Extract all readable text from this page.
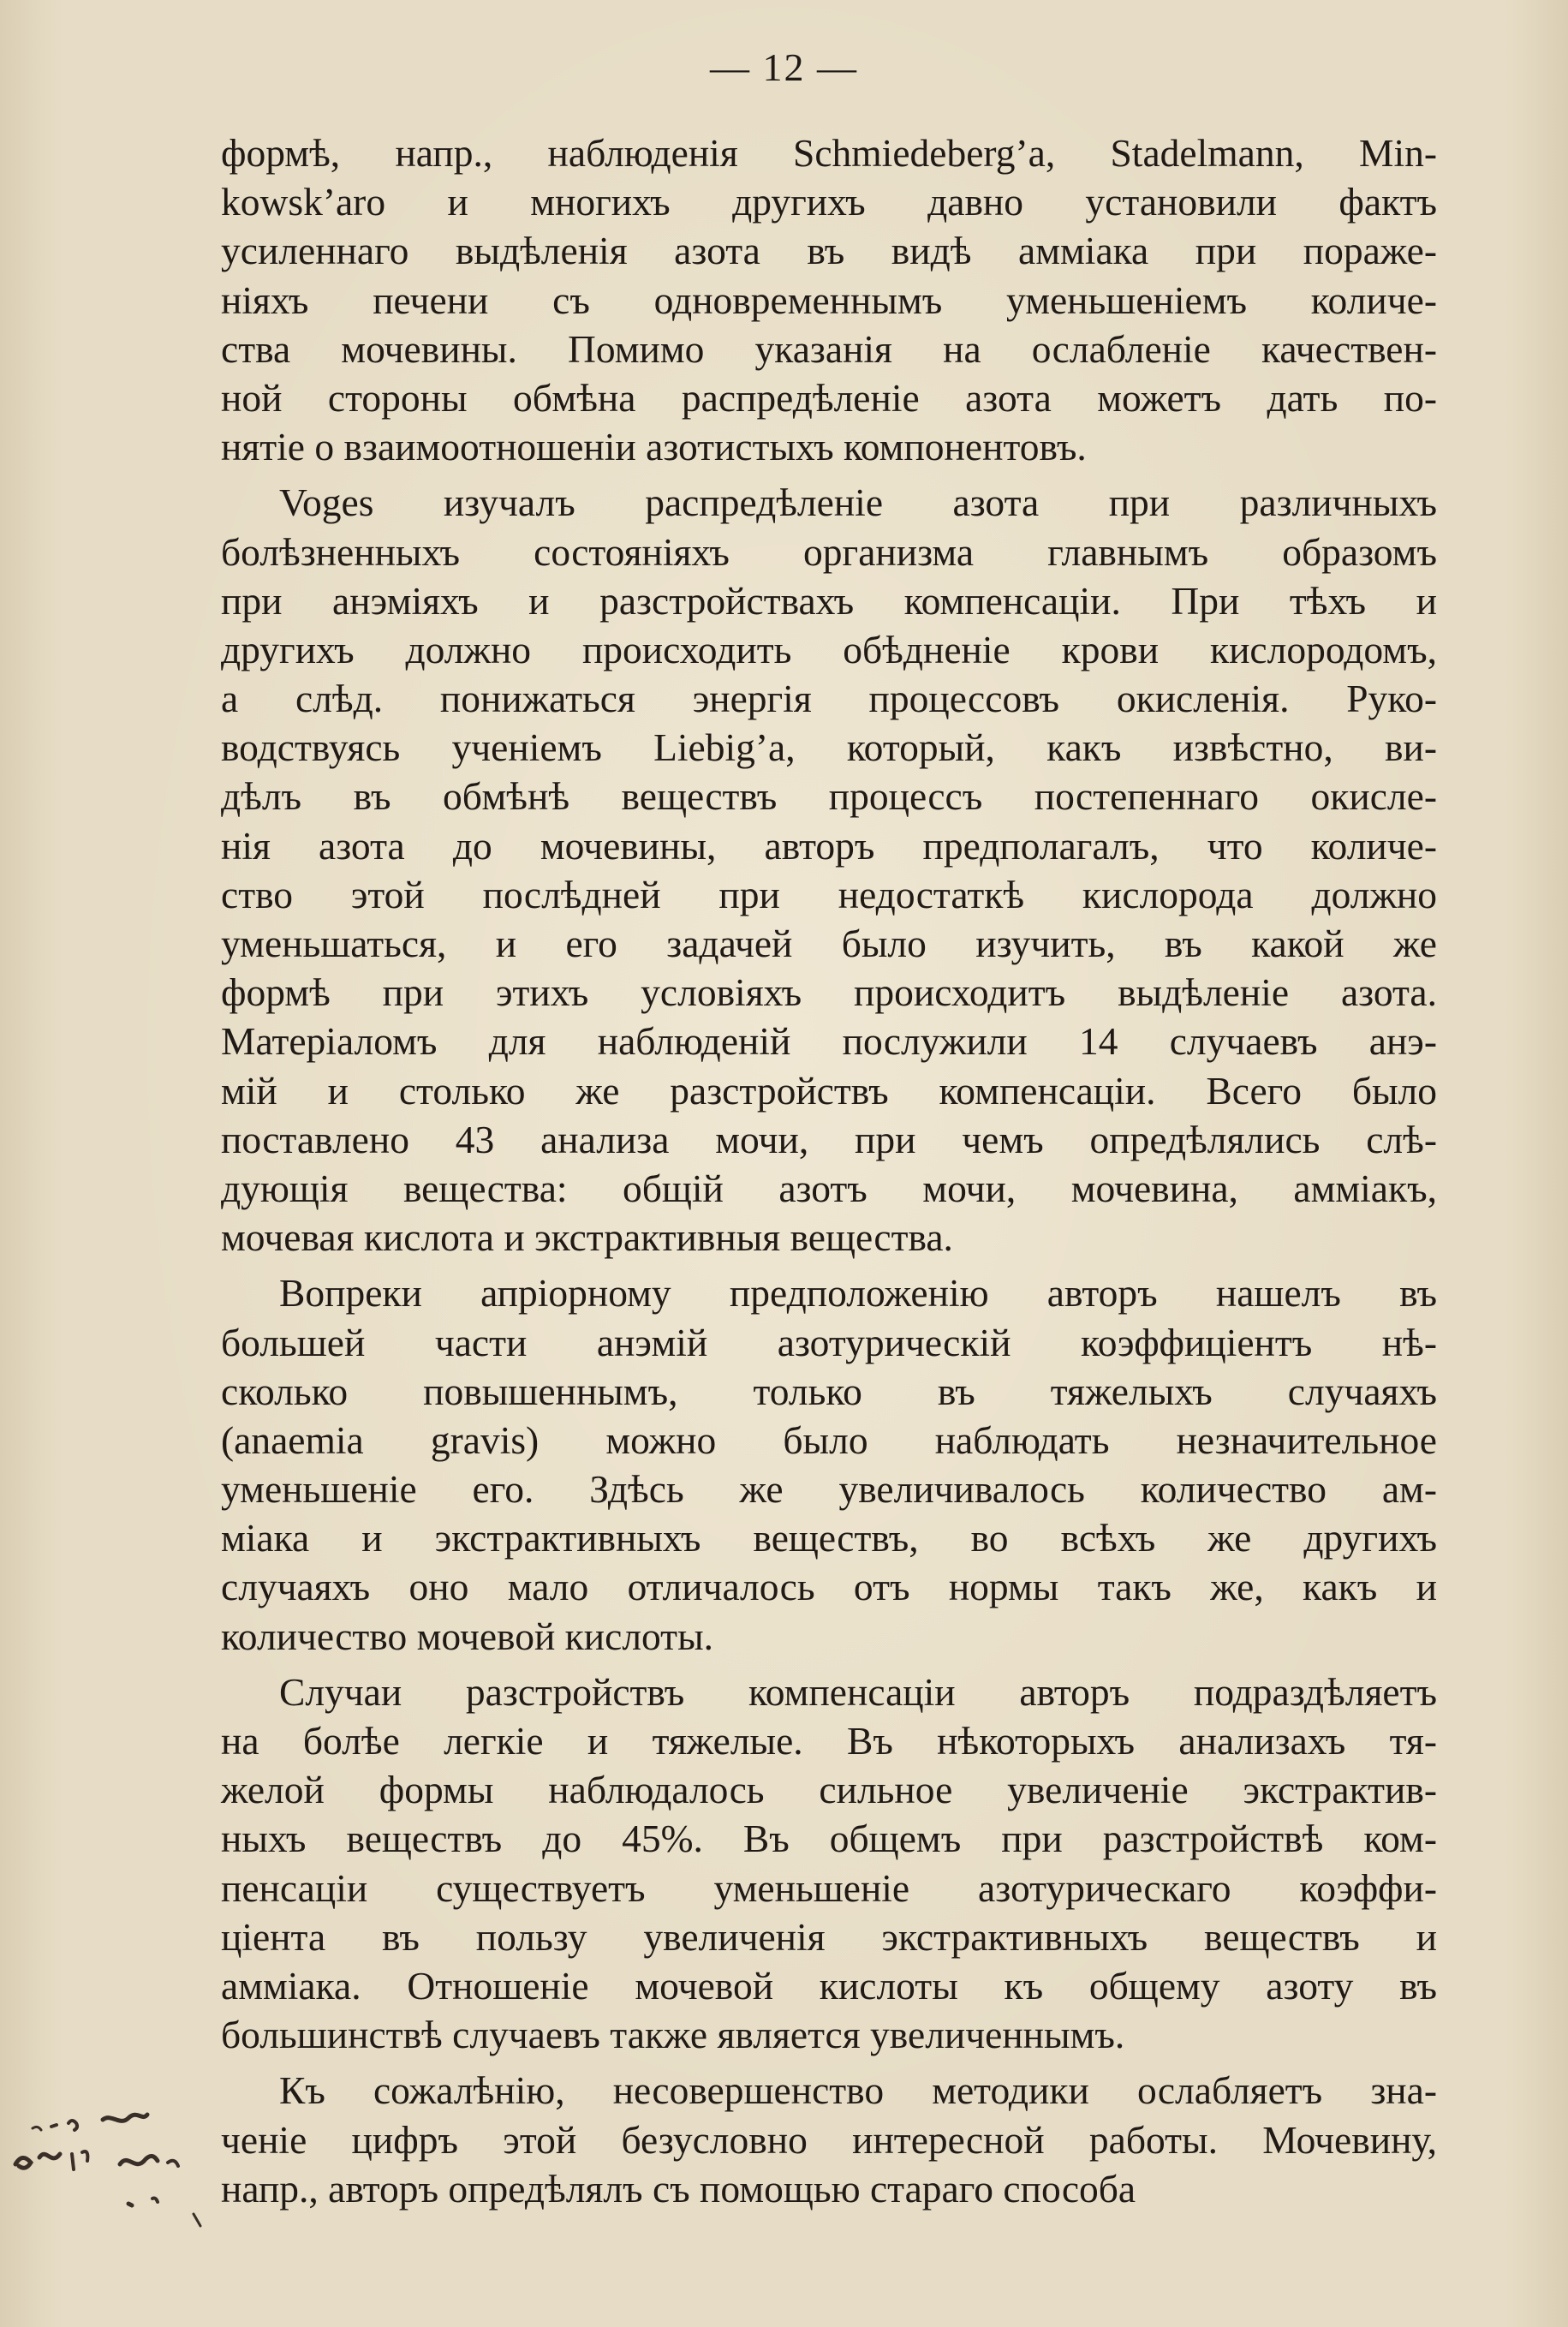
— 12 —
формѣ, напр., наблюденія Schmiedeberg’a, Stadelmann, Min-
kowsk’aro и многихъ другихъ давно установили фактъ
усиленнаго выдѣленія азота въ видѣ амміака при пораже-
ніяхъ печени съ одновременнымъ уменьшеніемъ количе-
ства мочевины. Помимо указанія на ослабленіе качествен-
ной стороны обмѣна распредѣленіе азота можетъ дать по-
нятіе о взаимоотношеніи азотистыхъ компонентовъ.
Voges изучалъ распредѣленіе азота при различныхъ
болѣзненныхъ состояніяхъ организма главнымъ образомъ
при анэміяхъ и разстройствахъ компенсаціи. При тѣхъ и
другихъ должно происходить обѣдненіе крови кислородомъ,
а слѣд. понижаться энергія процессовъ окисленія. Руко-
водствуясь ученіемъ Liebig’a, который, какъ извѣстно, ви-
дѣлъ въ обмѣнѣ веществъ процессъ постепеннаго окисле-
нія азота до мочевины, авторъ предполагалъ, что количе-
ство этой послѣдней при недостаткѣ кислорода должно
уменьшаться, и его задачей было изучить, въ какой же
формѣ при этихъ условіяхъ происходитъ выдѣленіе азота.
Матеріаломъ для наблюденій послужили 14 случаевъ анэ-
мій и столько же разстройствъ компенсаціи. Всего было
поставлено 43 анализа мочи, при чемъ опредѣлялись слѣ-
дующія вещества: общій азотъ мочи, мочевина, амміакъ,
мочевая кислота и экстрактивныя вещества.
Вопреки апріорному предположенію авторъ нашелъ въ
большей части анэмій азотурическій коэффиціентъ нѣ-
сколько повышеннымъ, только въ тяжелыхъ случаяхъ
(anaemia gravis) можно было наблюдать незначительное
уменьшеніе его. Здѣсь же увеличивалось количество ам-
міака и экстрактивныхъ веществъ, во всѣхъ же другихъ
случаяхъ оно мало отличалось отъ нормы такъ же, какъ и
количество мочевой кислоты.
Случаи разстройствъ компенсаціи авторъ подраздѣляетъ
на болѣе легкіе и тяжелые. Въ нѣкоторыхъ анализахъ тя-
желой формы наблюдалось сильное увеличеніе экстрактив-
ныхъ веществъ до 45%. Въ общемъ при разстройствѣ ком-
пенсаціи существуетъ уменьшеніе азотурическаго коэффи-
ціента въ пользу увеличенія экстрактивныхъ веществъ и
амміака. Отношеніе мочевой кислоты къ общему азоту въ
большинствѣ случаевъ также является увеличеннымъ.
Къ сожалѣнію, несовершенство методики ослабляетъ зна-
ченіе цифръ этой безусловно интересной работы. Мочевину,
напр., авторъ опредѣлялъ съ помощью стараго способа
